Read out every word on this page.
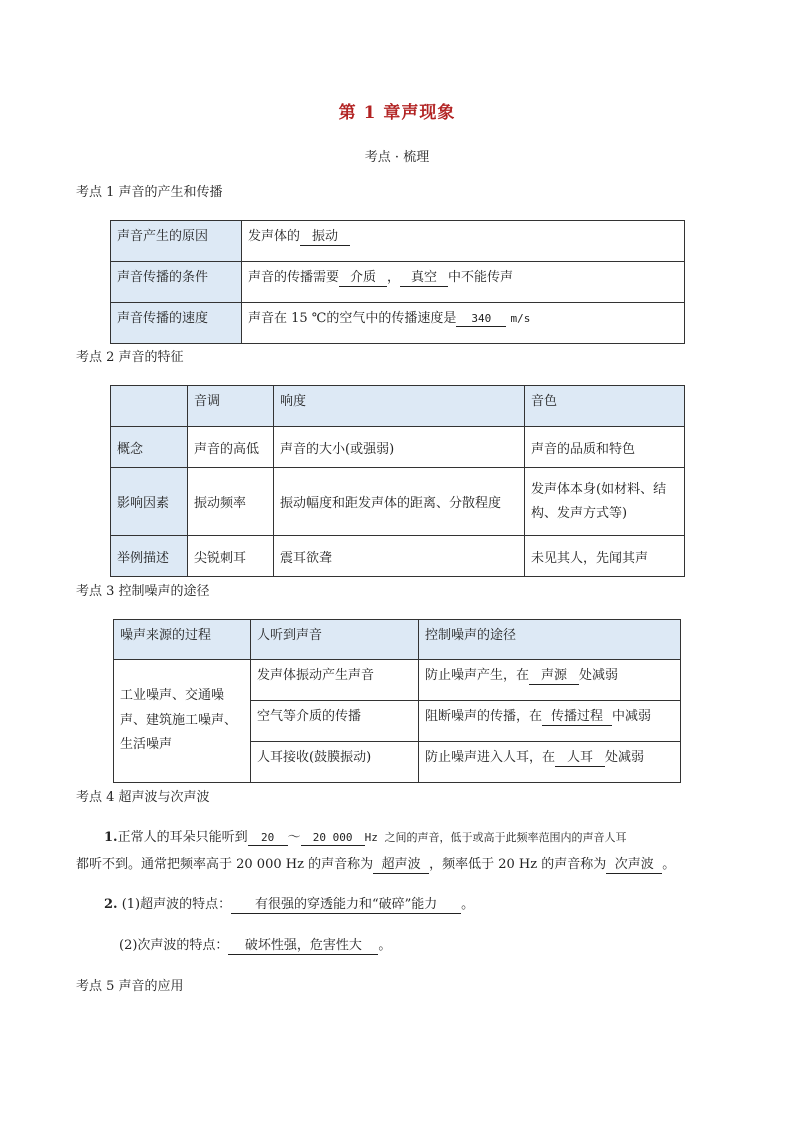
第 1 章声现象
考点 · 梳理
考点 1 声音的产生和传播
声音产生的原因	发声体的 振动
声音传播的条件	声音的传播需要 介质 ， 真空 中不能传声
声音传播的速度	声音在 15 ℃的空气中的传播速度是 340 m/s
考点 2 声音的特征
	音调	响度	音色
概念	声音的高低	声音的大小(或强弱)	声音的品质和特色
影响因素	振动频率	振动幅度和距发声体的距离、分散程度	发声体本身(如材料、结构、发声方式等)
举例描述	尖锐刺耳	震耳欲聋	未见其人，先闻其声
考点 3 控制噪声的途径
噪声来源的过程	人听到声音	控制噪声的途径
工业噪声、交通噪声、建筑施工噪声、生活噪声	发声体振动产生声音	防止噪声产生，在 声源 处减弱
	空气等介质的传播	阻断噪声的传播，在 传播过程 中减弱
	人耳接收(鼓膜振动)	防止噪声进入人耳，在 人耳 处减弱
考点 4 超声波与次声波
1.正常人的耳朵只能听到 20 ～ 20 000 Hz 之间的声音，低于或高于此频率范围内的声音人耳
都听不到。通常把频率高于 20 000 Hz 的声音称为 超声波 ，频率低于 20 Hz 的声音称为 次声波 。
2. (1)超声波的特点： 有很强的穿透能力和“破碎”能力 。
(2)次声波的特点： 破坏性强，危害性大 。
考点 5 声音的应用
